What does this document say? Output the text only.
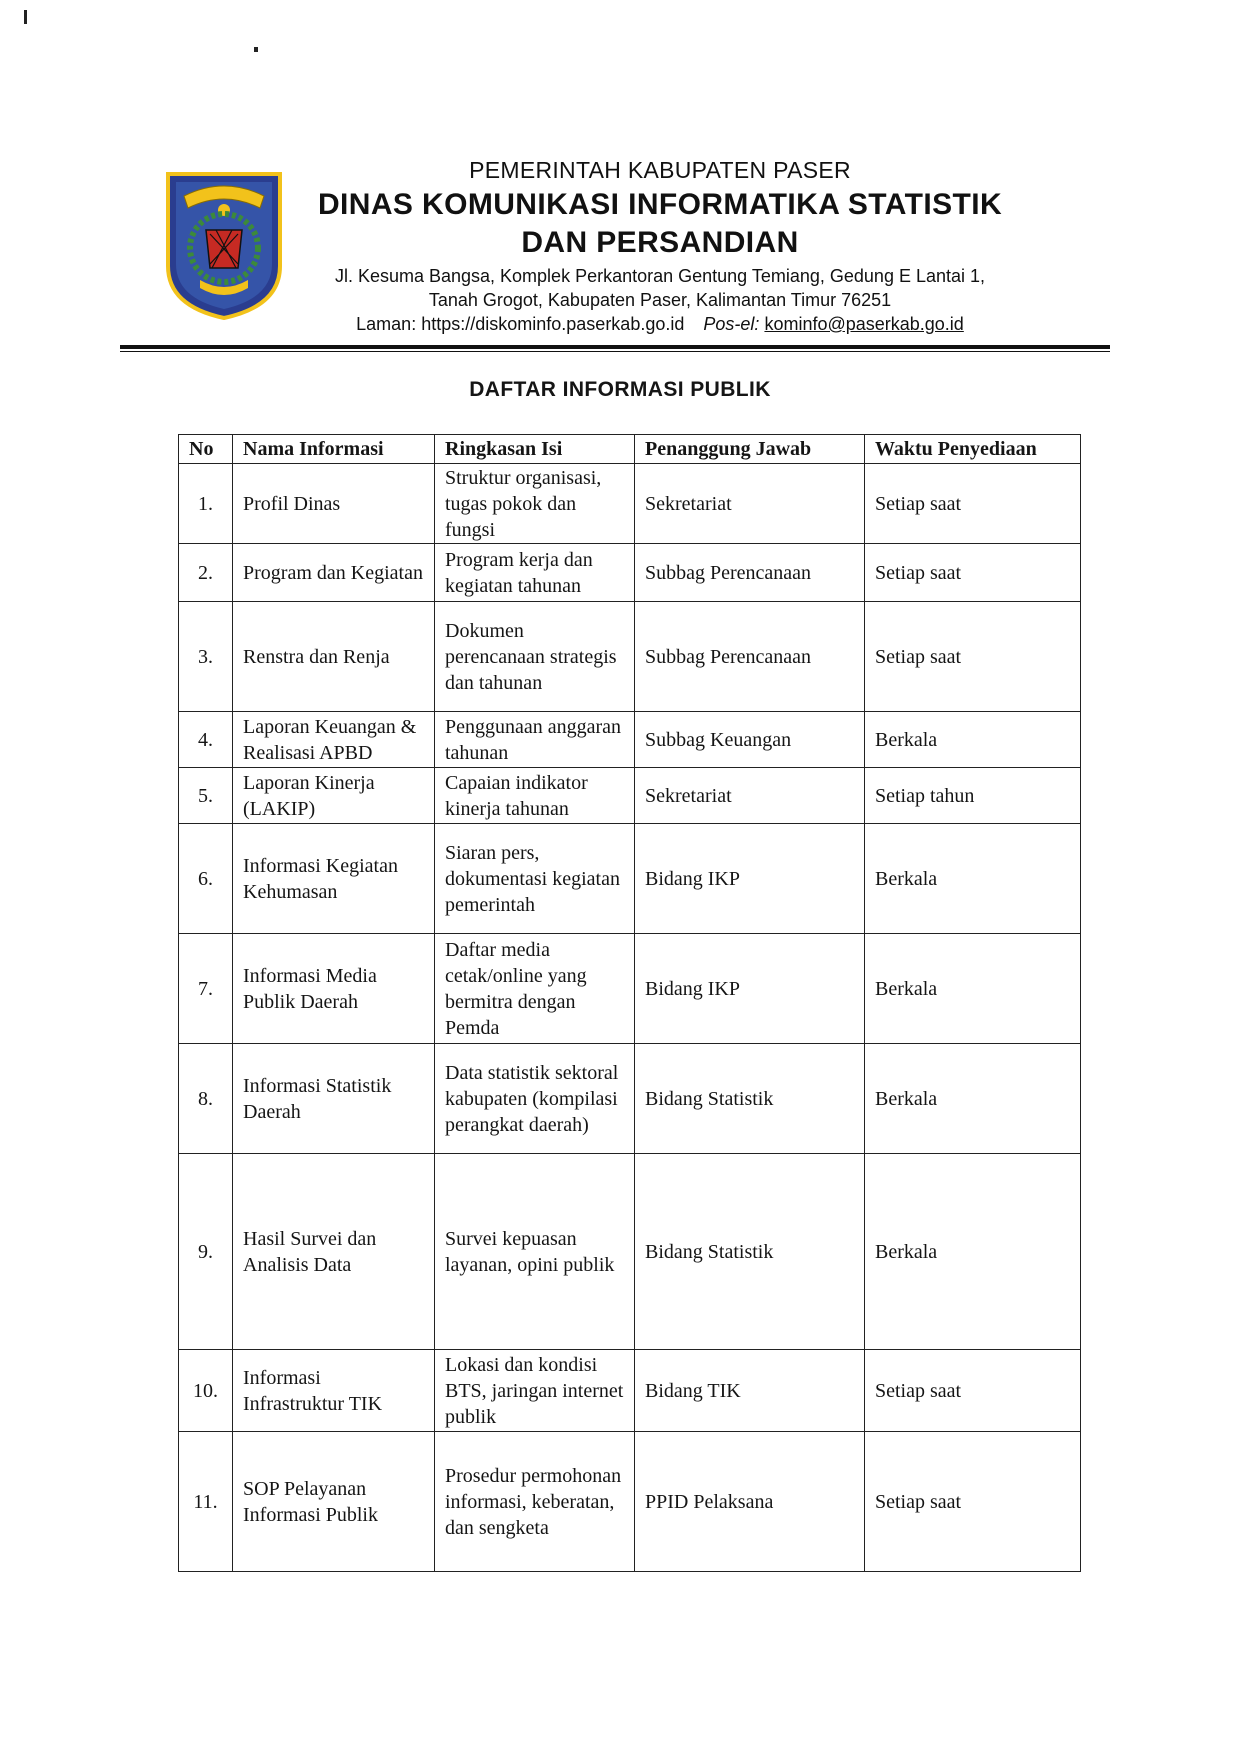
PEMERINTAH KABUPATEN PASER

DINAS KOMUNIKASI INFORMATIKA STATISTIK
DAN PERSANDIAN

Jl. Kesuma Bangsa, Komplek Perkantoran Gentung Temiang, Gedung E Lantai 1,

Tanah Grogot, Kabupaten Paser, Kalimantan Timur 76251

Laman: https://diskominfo.paserkab.go.id Pos-el: kominfo@paserkab.go.id

DAFTAR INFORMASI PUBLIK
No	Nama Informasi	Ringkasan Isi	Penanggung Jawab	Waktu Penyediaan
1.	Profil Dinas	Struktur organisasi, tugas pokok dan fungsi	Sekretariat	Setiap saat
2.	Program dan Kegiatan	Program kerja dan kegiatan tahunan	Subbag Perencanaan	Setiap saat
3.	Renstra dan Renja	Dokumen perencanaan strategis dan tahunan	Subbag Perencanaan	Setiap saat
4.	Laporan Keuangan & Realisasi APBD	Penggunaan anggaran tahunan	Subbag Keuangan	Berkala
5.	Laporan Kinerja (LAKIP)	Capaian indikator kinerja tahunan	Sekretariat	Setiap tahun
6.	Informasi Kegiatan Kehumasan	Siaran pers, dokumentasi kegiatan pemerintah	Bidang IKP	Berkala
7.	Informasi Media Publik Daerah	Daftar media cetak/online yang bermitra dengan Pemda	Bidang IKP	Berkala
8.	Informasi Statistik Daerah	Data statistik sektoral kabupaten (kompilasi perangkat daerah)	Bidang Statistik	Berkala
9.	Hasil Survei dan Analisis Data	Survei kepuasan layanan, opini publik	Bidang Statistik	Berkala
10.	Informasi Infrastruktur TIK	Lokasi dan kondisi BTS, jaringan internet publik	Bidang TIK	Setiap saat
11.	SOP Pelayanan Informasi Publik	Prosedur permohonan informasi, keberatan, dan sengketa	PPID Pelaksana	Setiap saat
